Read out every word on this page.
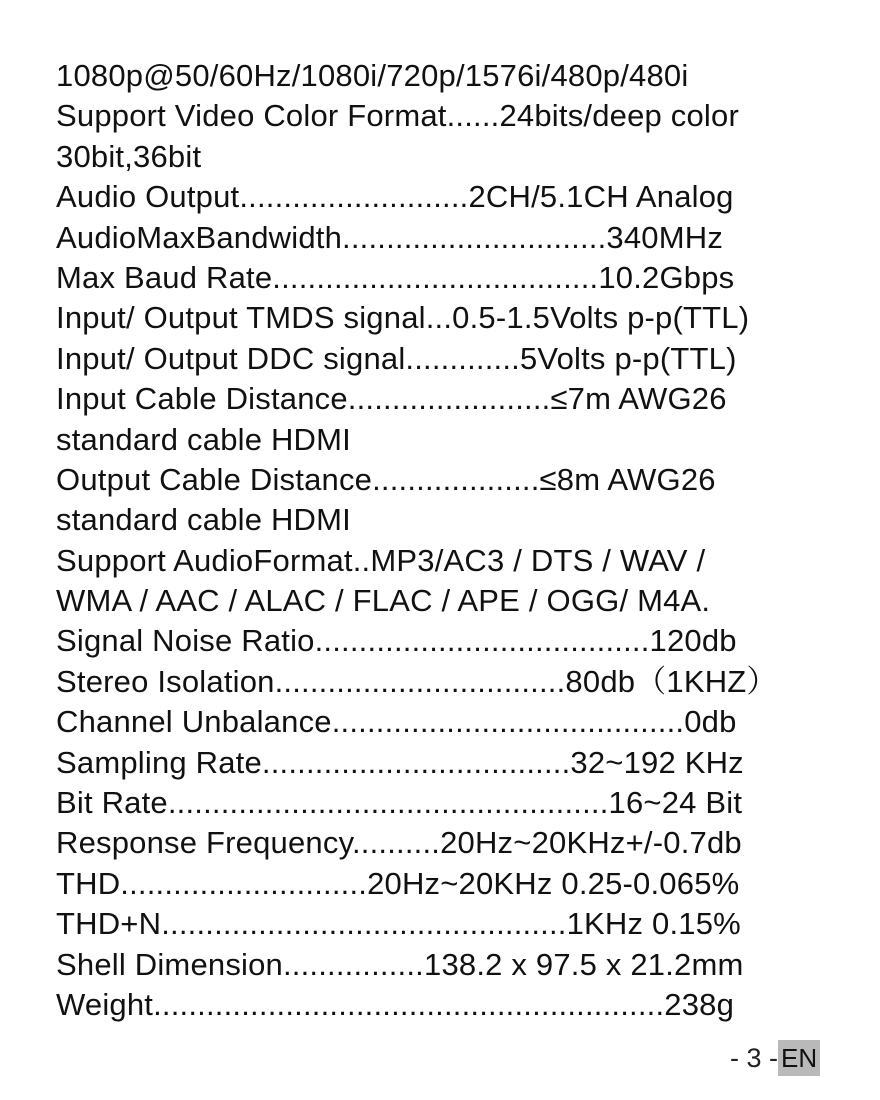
1080p@50/60Hz/1080i/720p/1576i/480p/480i
Support Video Color Format......24bits/deep color
30bit,36bit
Audio Output..........................2CH/5.1CH Analog
AudioMaxBandwidth..............................340MHz
Max Baud Rate.....................................10.2Gbps
Input/ Output TMDS signal...0.5-1.5Volts p-p(TTL)
Input/ Output DDC signal.............5Volts p-p(TTL)
Input Cable Distance.......................≤7m AWG26
standard cable HDMI
Output Cable Distance...................≤8m AWG26
standard cable HDMI
Support AudioFormat..MP3/AC3 / DTS / WAV /
WMA / AAC / ALAC / FLAC / APE / OGG/ M4A.
Signal Noise Ratio......................................120db
Stereo Isolation.................................80db（1KHZ）
Channel Unbalance........................................0db
Sampling Rate...................................32~192 KHz
Bit Rate..................................................16~24 Bit
Response Frequency..........20Hz~20KHz+/-0.7db
THD............................20Hz~20KHz 0.25-0.065%
THD+N..............................................1KHz 0.15%
Shell Dimension................138.2 x 97.5 x 21.2mm
Weight..........................................................238g
- 3 - EN
